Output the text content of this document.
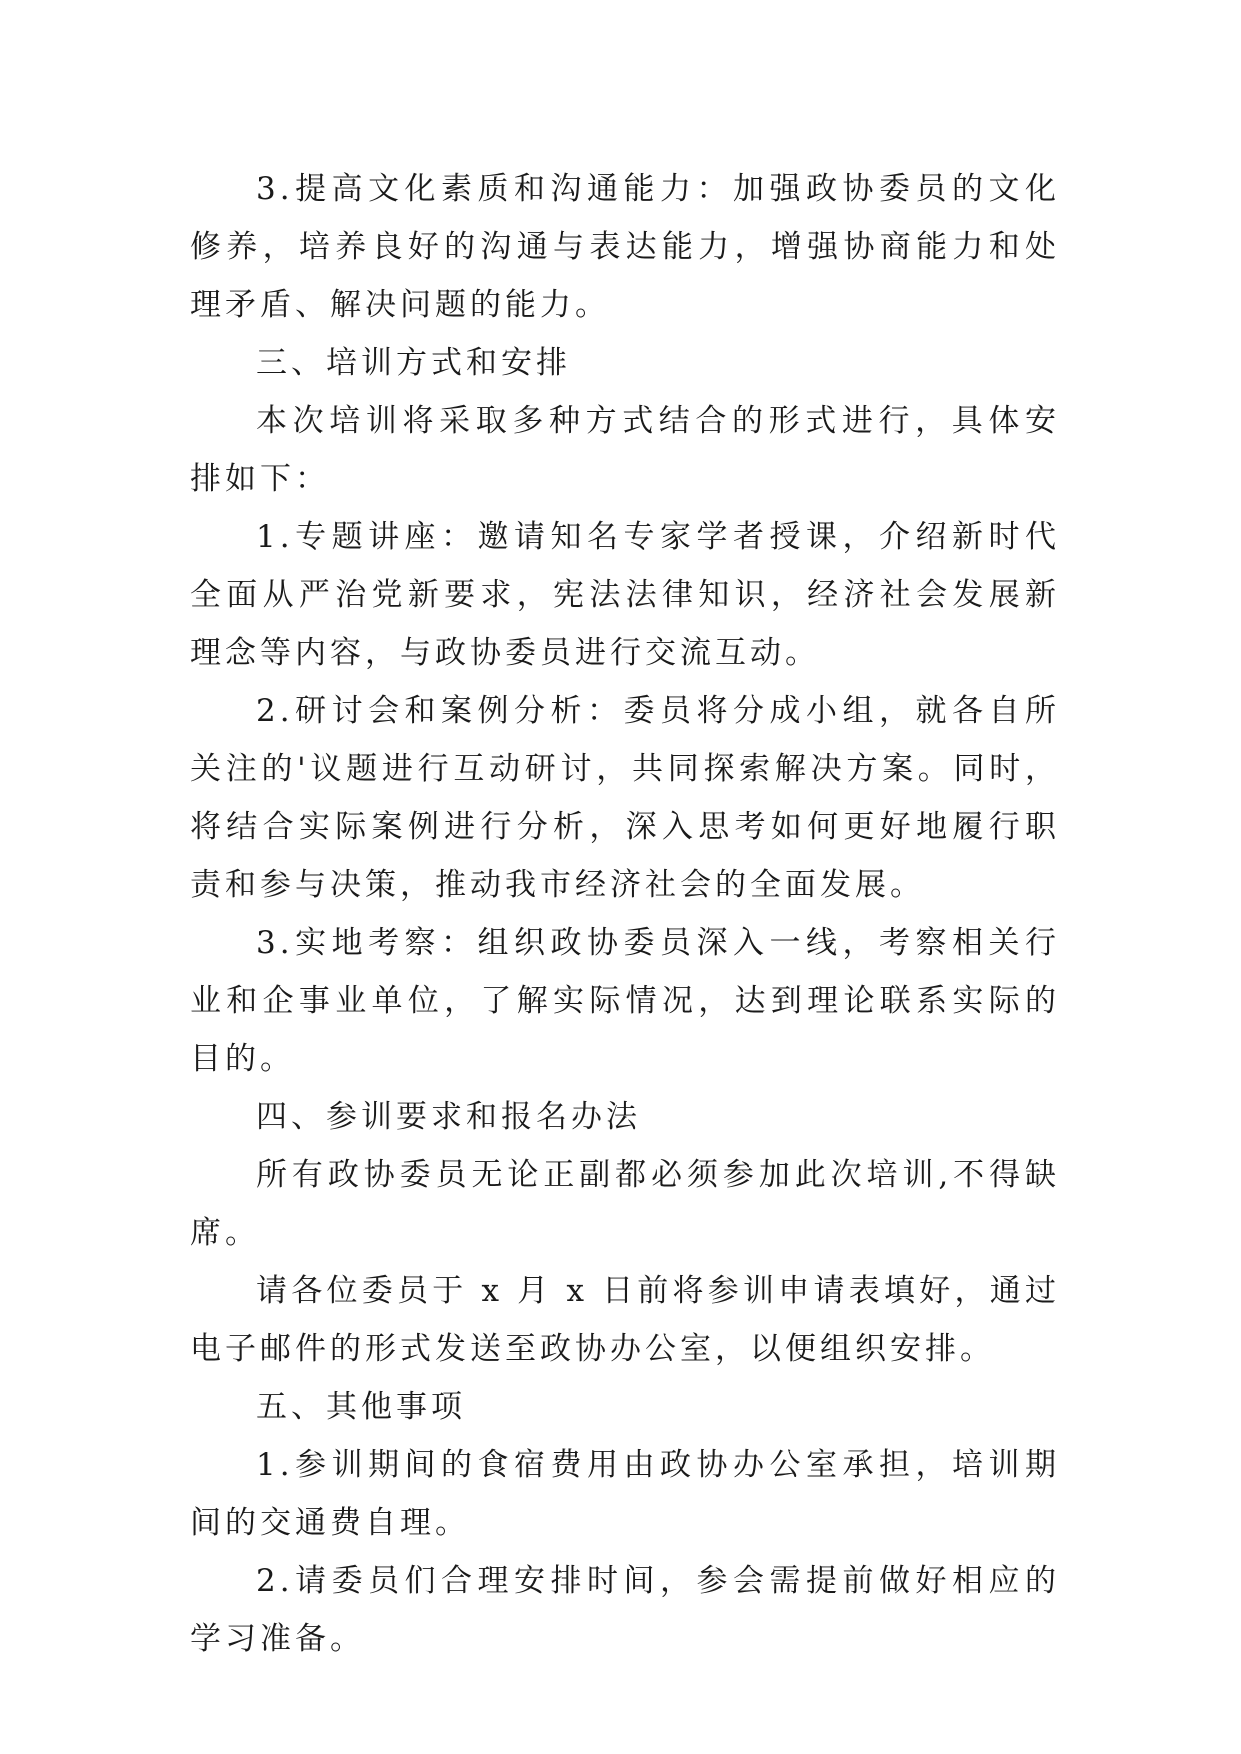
3.提高文化素质和沟通能力：加强政协委员的文化修养，培养良好的沟通与表达能力，增强协商能力和处理矛盾、解决问题的能力。

三、培训方式和安排

本次培训将采取多种方式结合的形式进行，具体安排如下：

1.专题讲座：邀请知名专家学者授课，介绍新时代全面从严治党新要求，宪法法律知识，经济社会发展新理念等内容，与政协委员进行交流互动。

2.研讨会和案例分析：委员将分成小组，就各自所关注的'议题进行互动研讨，共同探索解决方案。同时，将结合实际案例进行分析，深入思考如何更好地履行职责和参与决策，推动我市经济社会的全面发展。

3.实地考察：组织政协委员深入一线，考察相关行业和企事业单位，了解实际情况，达到理论联系实际的目的。

四、参训要求和报名办法

所有政协委员无论正副都必须参加此次培训,不得缺席。

请各位委员于 x 月 x 日前将参训申请表填好，通过电子邮件的形式发送至政协办公室，以便组织安排。

五、其他事项

1.参训期间的食宿费用由政协办公室承担，培训期间的交通费自理。

2.请委员们合理安排时间，参会需提前做好相应的学习准备。
